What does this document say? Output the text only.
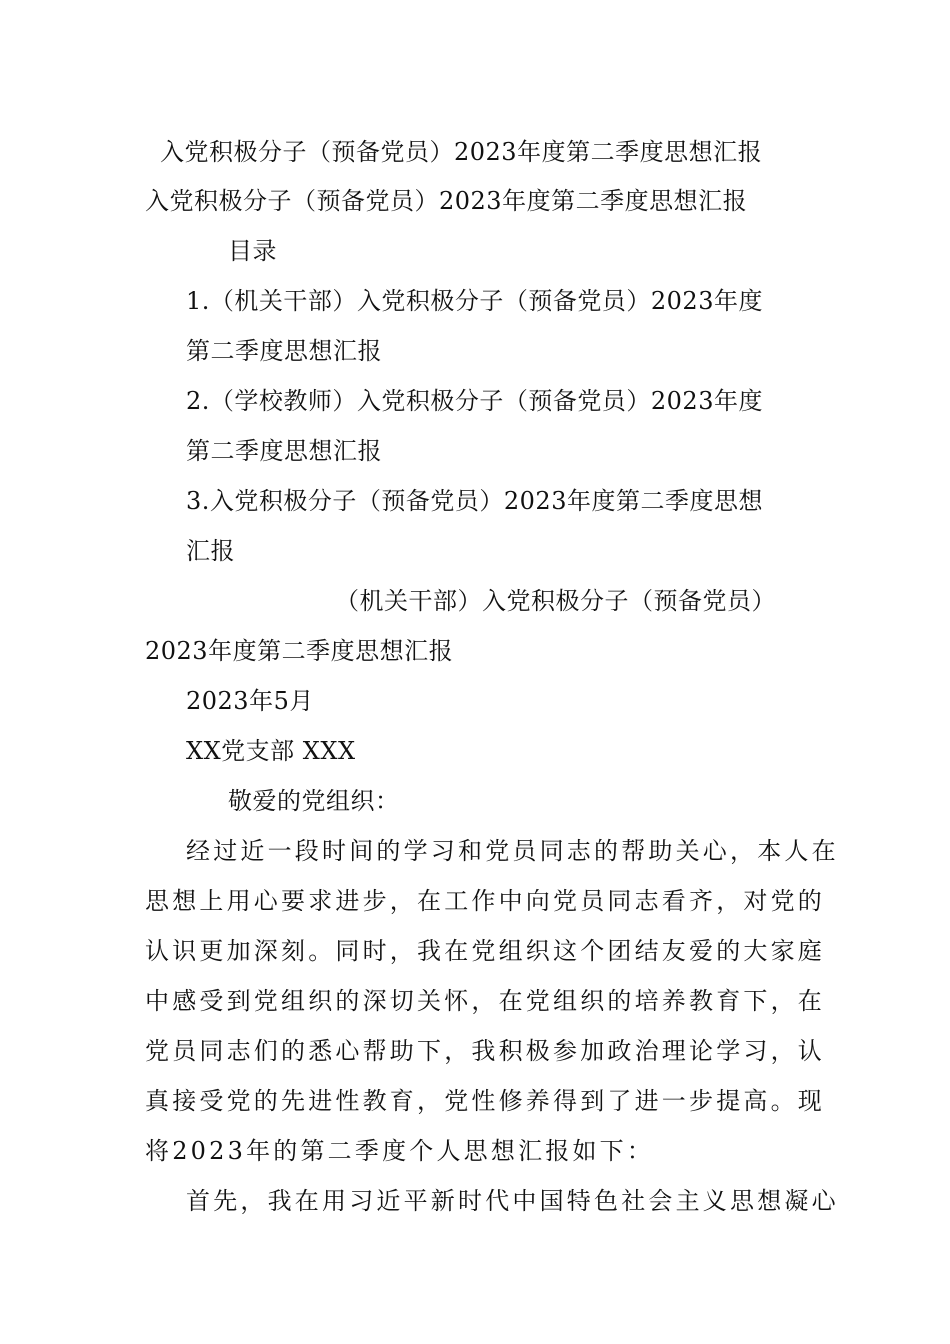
入党积极分子（预备党员）2023年度第二季度思想汇报
入党积极分子（预备党员）2023年度第二季度思想汇报
目录
1.（机关干部）入党积极分子（预备党员）2023年度
第二季度思想汇报
2.（学校教师）入党积极分子（预备党员）2023年度
第二季度思想汇报
3.入党积极分子（预备党员）2023年度第二季度思想
汇报
（机关干部）入党积极分子（预备党员）
2023年度第二季度思想汇报
2023年5月
XX党支部 XXX
敬爱的党组织：
经过近一段时间的学习和党员同志的帮助关心，本人在
思想上用心要求进步，在工作中向党员同志看齐，对党的
认识更加深刻。同时，我在党组织这个团结友爱的大家庭
中感受到党组织的深切关怀，在党组织的培养教育下，在
党员同志们的悉心帮助下，我积极参加政治理论学习，认
真接受党的先进性教育，党性修养得到了进一步提高。现
将2023年的第二季度个人思想汇报如下：
首先，我在用习近平新时代中国特色社会主义思想凝心
